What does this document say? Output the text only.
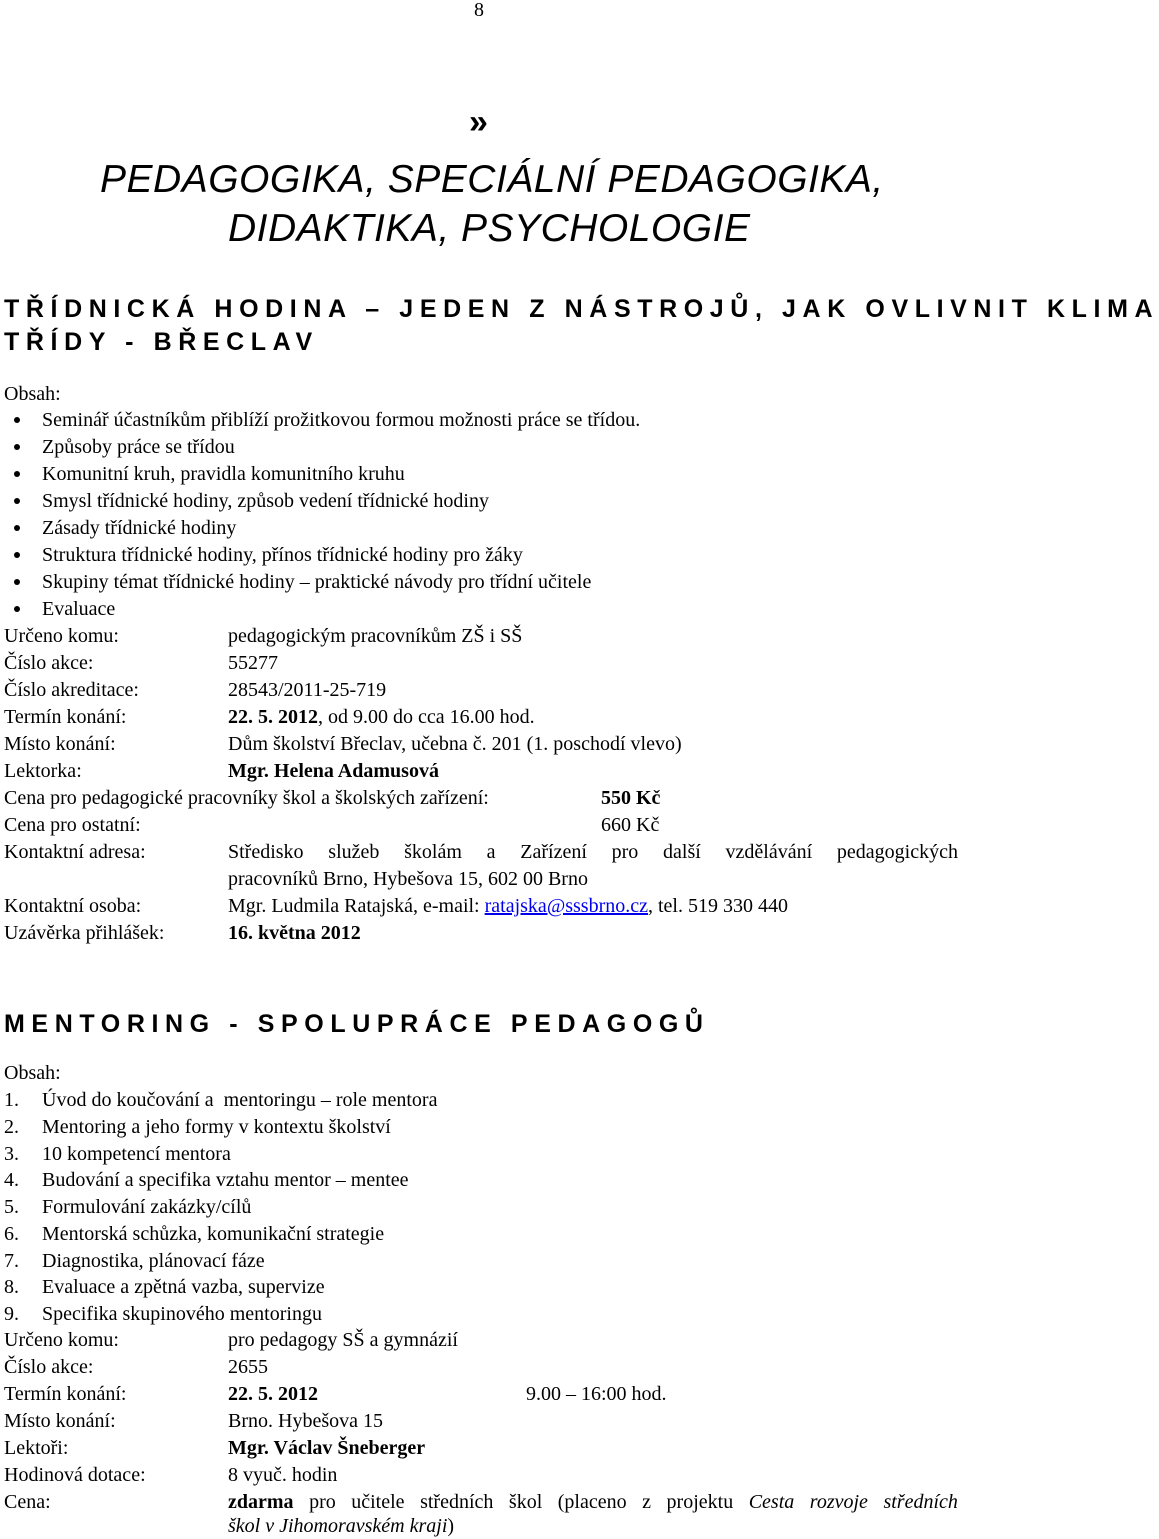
8
»
PEDAGOGIKA, SPECIÁLNÍ PEDAGOGIKA,
DIDAKTIKA, PSYCHOLOGIE
TŘÍDNICKÁ HODINA – JEDEN Z NÁSTROJŮ, JAK OVLIVNIT KLIMA
TŘÍDY - BŘECLAV
Obsah:
Seminář účastníkům přiblíží prožitkovou formou možnosti práce se třídou.
Způsoby práce se třídou
Komunitní kruh, pravidla komunitního kruhu
Smysl třídnické hodiny, způsob vedení třídnické hodiny
Zásady třídnické hodiny
Struktura třídnické hodiny, přínos třídnické hodiny pro žáky
Skupiny témat třídnické hodiny – praktické návody pro třídní učitele
Evaluace
Určeno komu:	pedagogickým pracovníkům ZŠ i SŠ
Číslo akce:	55277
Číslo akreditace:	28543/2011-25-719
Termín konání:	22. 5. 2012, od 9.00 do cca 16.00 hod.
Místo konání:	Dům školství Břeclav, učebna č. 201 (1. poschodí vlevo)
Lektorka:	Mgr. Helena Adamusová
Cena pro pedagogické pracovníky škol a školských zařízení:	550 Kč
Cena pro ostatní:	660 Kč
Kontaktní adresa:	Středisko služeb školám a Zařízení pro další vzdělávání pedagogických
pracovníků Brno, Hybešova 15, 602 00 Brno
Kontaktní osoba:	Mgr. Ludmila Ratajská, e-mail: ratajska@sssbrno.cz, tel. 519 330 440
Uzávěrka přihlášek:	16. května 2012
MENTORING - SPOLUPRÁCE PEDAGOGŮ
Obsah:
1. Úvod do koučování a  mentoringu – role mentora
2. Mentoring a jeho formy v kontextu školství
3. 10 kompetencí mentora
4. Budování a specifika vztahu mentor – mentee
5. Formulování zakázky/cílů
6. Mentorská schůzka, komunikační strategie
7. Diagnostika, plánovací fáze
8. Evaluace a zpětná vazba, supervize
9. Specifika skupinového mentoringu
Určeno komu:	pro pedagogy SŠ a gymnázií
Číslo akce:	2655
Termín konání:	22. 5. 2012	9.00 – 16:00 hod.
Místo konání:	Brno. Hybešova 15
Lektoři:	Mgr. Václav Šneberger
Hodinová dotace:	8 vyuč. hodin
Cena:	zdarma pro učitele středních škol (placeno z projektu Cesta rozvoje středních
škol v Jihomoravském kraji)
